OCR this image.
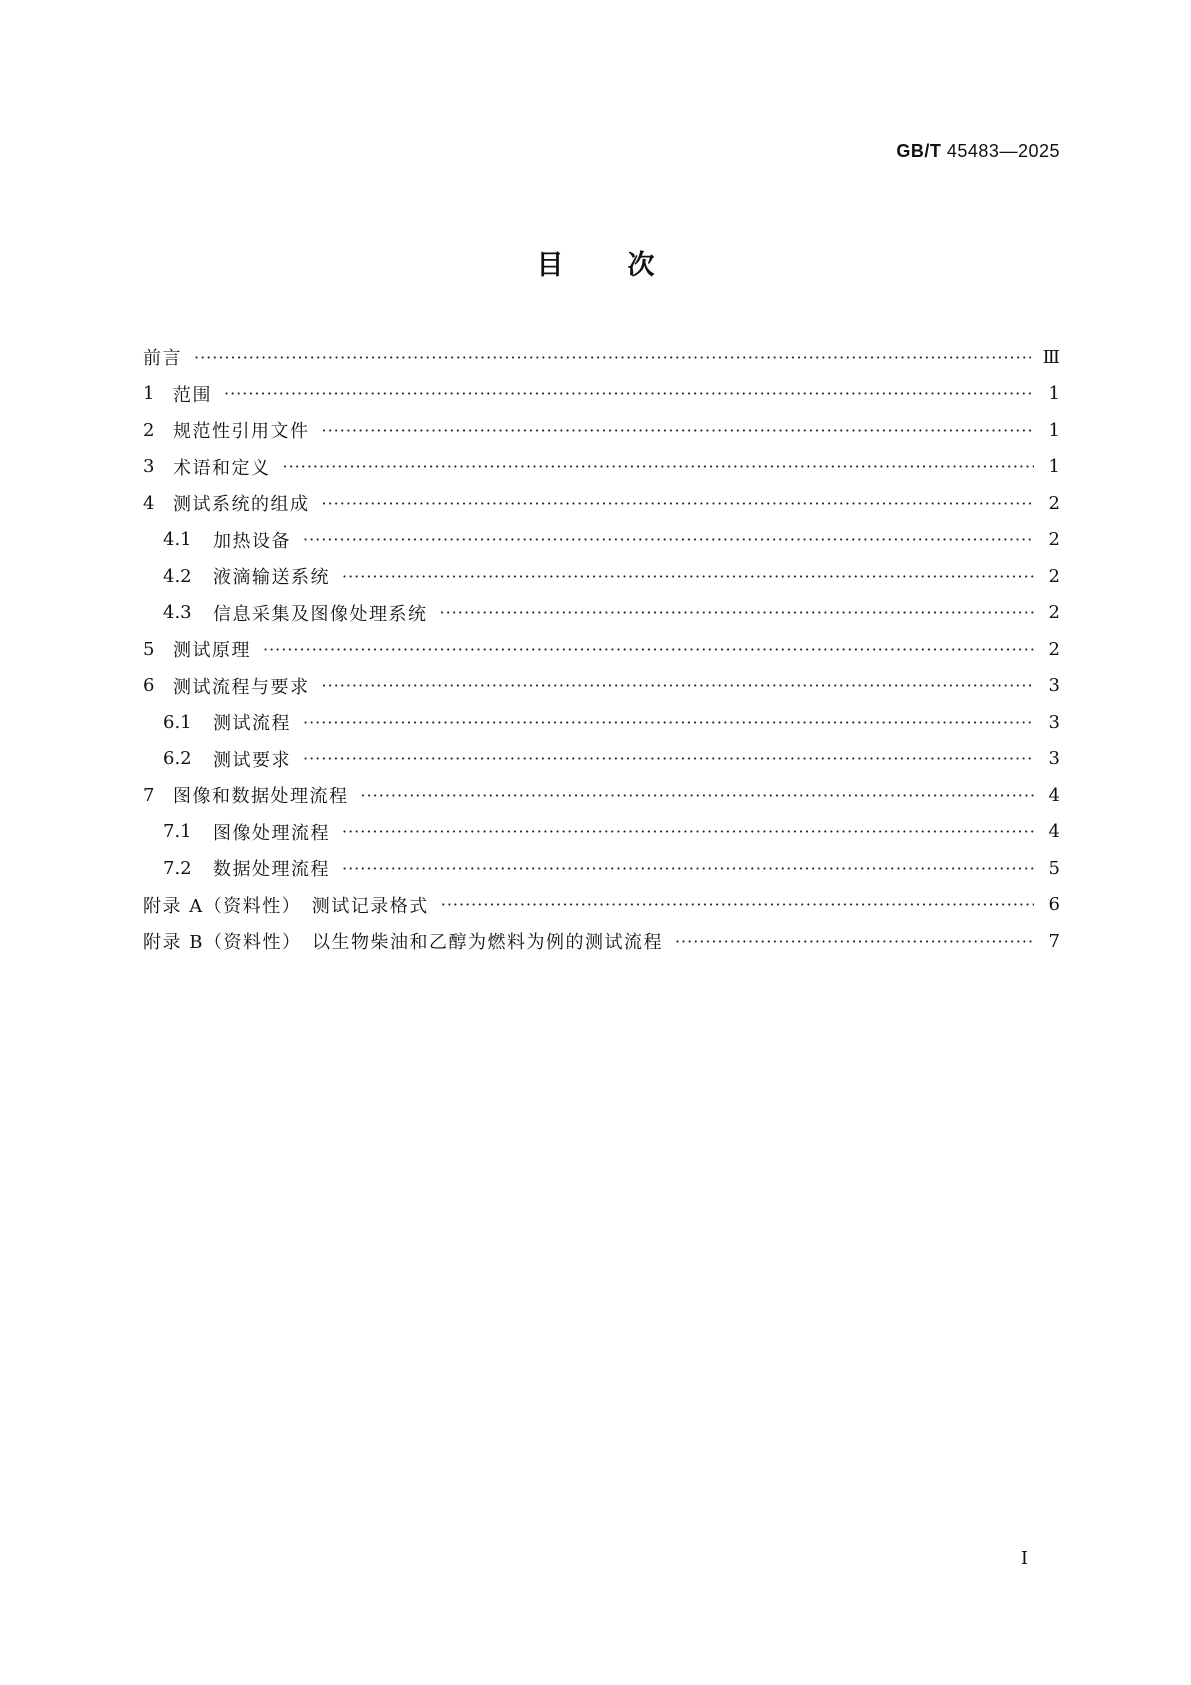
GB/T 45483—2025
目 次
前言 ·····	Ⅲ
1	范围 ·····	1
2	规范性引用文件 ·····	1
3	术语和定义 ·····	1
4	测试系统的组成 ·····	2
4.1	加热设备 ·····	2
4.2	液滴输送系统 ·····	2
4.3	信息采集及图像处理系统 ·····	2
5	测试原理 ·····	2
6	测试流程与要求 ·····	3
6.1	测试流程 ·····	3
6.2	测试要求 ·····	3
7	图像和数据处理流程 ·····	4
7.1	图像处理流程 ·····	4
7.2	数据处理流程 ·····	5
附录 A（资料性）　测试记录格式 ·····	6
附录 B（资料性）　以生物柴油和乙醇为燃料为例的测试流程 ·····	7
I
